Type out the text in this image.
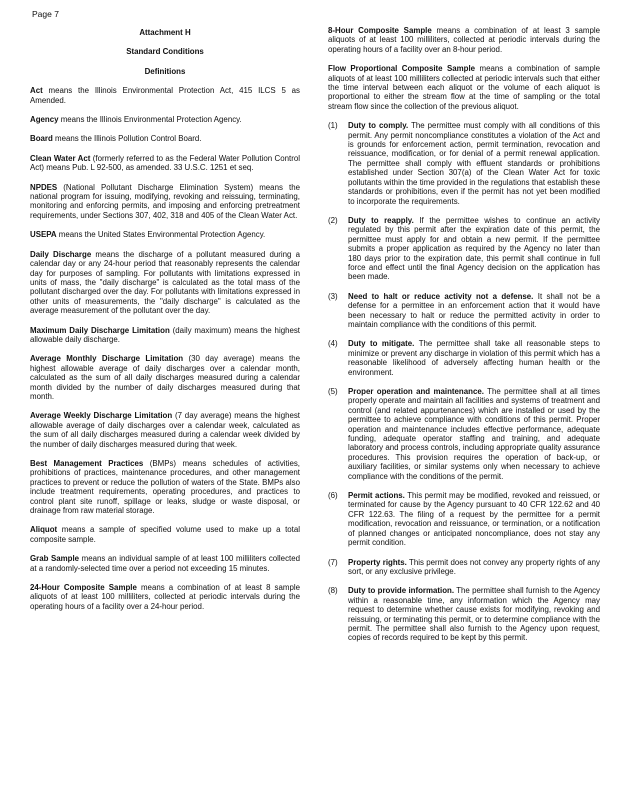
Page 7

Attachment H

Standard Conditions

Definitions

Act means the Illinois Environmental Protection Act, 415 ILCS 5 as Amended.

Agency means the Illinois Environmental Protection Agency.

Board means the Illinois Pollution Control Board.

Clean Water Act (formerly referred to as the Federal Water Pollution Control Act) means Pub. L 92-500, as amended. 33 U.S.C. 1251 et seq.

NPDES (National Pollutant Discharge Elimination System) means the national program for issuing, modifying, revoking and reissuing, terminating, monitoring and enforcing permits, and imposing and enforcing pretreatment requirements, under Sections 307, 402, 318 and 405 of the Clean Water Act.

USEPA means the United States Environmental Protection Agency.

Daily Discharge means the discharge of a pollutant measured during a calendar day or any 24-hour period that reasonably represents the calendar day for purposes of sampling. For pollutants with limitations expressed in units of mass, the "daily discharge" is calculated as the total mass of the pollutant discharged over the day. For pollutants with limitations expressed in other units of measurements, the "daily discharge" is calculated as the average measurement of the pollutant over the day.

Maximum Daily Discharge Limitation (daily maximum) means the highest allowable daily discharge.

Average Monthly Discharge Limitation (30 day average) means the highest allowable average of daily discharges over a calendar month, calculated as the sum of all daily discharges measured during a calendar month divided by the number of daily discharges measured during that month.

Average Weekly Discharge Limitation (7 day average) means the highest allowable average of daily discharges over a calendar week, calculated as the sum of all daily discharges measured during a calendar week divided by the number of daily discharges measured during that week.

Best Management Practices (BMPs) means schedules of activities, prohibitions of practices, maintenance procedures, and other management practices to prevent or reduce the pollution of waters of the State. BMPs also include treatment requirements, operating procedures, and practices to control plant site runoff, spillage or leaks, sludge or waste disposal, or drainage from raw material storage.

Aliquot means a sample of specified volume used to make up a total composite sample.

Grab Sample means an individual sample of at least 100 milliliters collected at a randomly-selected time over a period not exceeding 15 minutes.

24-Hour Composite Sample means a combination of at least 8 sample aliquots of at least 100 milliliters, collected at periodic intervals during the operating hours of a facility over a 24-hour period.

8-Hour Composite Sample means a combination of at least 3 sample aliquots of at least 100 milliliters, collected at periodic intervals during the operating hours of a facility over an 8-hour period.

Flow Proportional Composite Sample means a combination of sample aliquots of at least 100 milliliters collected at periodic intervals such that either the time interval between each aliquot or the volume of each aliquot is proportional to either the stream flow at the time of sampling or the total stream flow since the collection of the previous aliquot.

(1)	Duty to comply. The permittee must comply with all conditions of this permit. Any permit noncompliance constitutes a violation of the Act and is grounds for enforcement action, permit termination, revocation and reissuance, modification, or for denial of a permit renewal application. The permittee shall comply with effluent standards or prohibitions established under Section 307(a) of the Clean Water Act for toxic pollutants within the time provided in the regulations that establish these standards or prohibitions, even if the permit has not yet been modified to incorporate the requirements.
(2)	Duty to reapply. If the permittee wishes to continue an activity regulated by this permit after the expiration date of this permit, the permittee must apply for and obtain a new permit. If the permittee submits a proper application as required by the Agency no later than 180 days prior to the expiration date, this permit shall continue in full force and effect until the final Agency decision on the application has been made.
(3)	Need to halt or reduce activity not a defense. It shall not be a defense for a permittee in an enforcement action that it would have been necessary to halt or reduce the permitted activity in order to maintain compliance with the conditions of this permit.
(4)	Duty to mitigate. The permittee shall take all reasonable steps to minimize or prevent any discharge in violation of this permit which has a reasonable likelihood of adversely affecting human health or the environment.
(5)	Proper operation and maintenance. The permittee shall at all times properly operate and maintain all facilities and systems of treatment and control (and related appurtenances) which are installed or used by the permittee to achieve compliance with conditions of this permit. Proper operation and maintenance includes effective performance, adequate funding, adequate operator staffing and training, and adequate laboratory and process controls, including appropriate quality assurance procedures. This provision requires the operation of back-up, or auxiliary facilities, or similar systems only when necessary to achieve compliance with the conditions of the permit.
(6)	Permit actions. This permit may be modified, revoked and reissued, or terminated for cause by the Agency pursuant to 40 CFR 122.62 and 40 CFR 122.63. The filing of a request by the permittee for a permit modification, revocation and reissuance, or termination, or a notification of planned changes or anticipated noncompliance, does not stay any permit condition.
(7)	Property rights. This permit does not convey any property rights of any sort, or any exclusive privilege.
(8)	Duty to provide information. The permittee shall furnish to the Agency within a reasonable time, any information which the Agency may request to determine whether cause exists for modifying, revoking and reissuing, or terminating this permit, or to determine compliance with the permit. The permittee shall also furnish to the Agency upon request, copies of records required to be kept by this permit.
